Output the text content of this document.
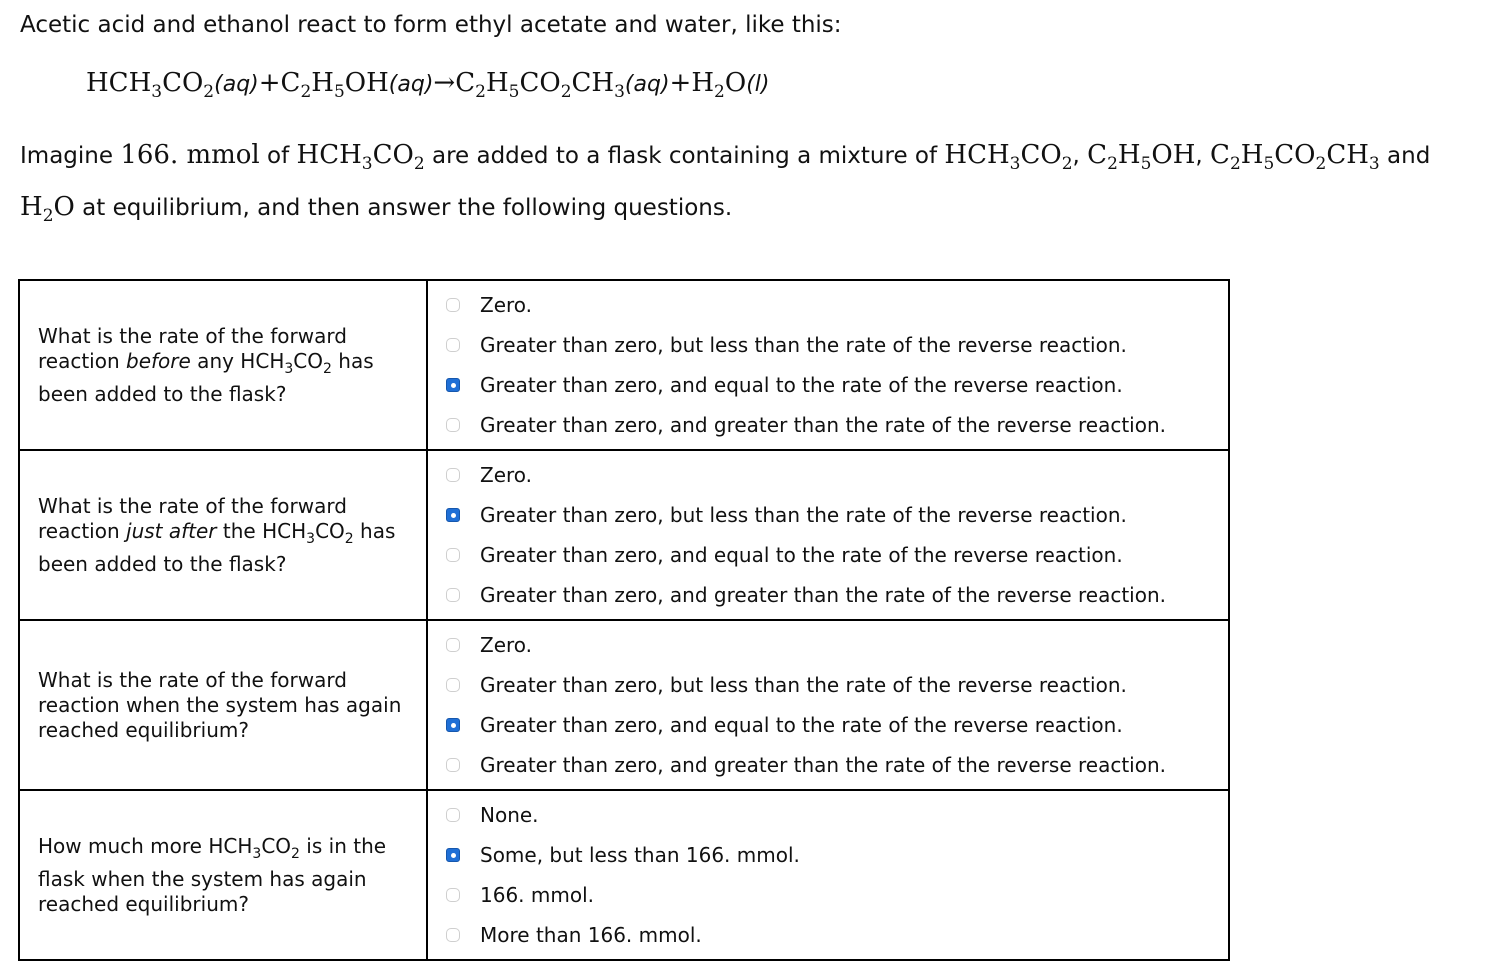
Acetic acid and ethanol react to form ethyl acetate and water, like this:
$HCH_3CO_2(aq)+C_2H_5OH(aq)\to C_2H_5CO_2CH_3(aq)+H_2O(l)$
Imagine 166. mmol of $HCH_3CO_2$ are added to a flask containing a mixture of $HCH_3CO_2$, $C_2H_5OH$, $C_2H_5CO_2CH_3$ and
$H_2O$ at equilibrium, and then answer the following questions.
What is the rate of the forward reaction before any $HCH_3CO_2$ has been added to the flask?	Zero.
Greater than zero, but less than the rate of the reverse reaction.
Greater than zero, and equal to the rate of the reverse reaction.
Greater than zero, and greater than the rate of the reverse reaction.

What is the rate of the forward reaction just after the $HCH_3CO_2$ has been added to the flask?	Zero.
Greater than zero, but less than the rate of the reverse reaction.
Greater than zero, and equal to the rate of the reverse reaction.
Greater than zero, and greater than the rate of the reverse reaction.

What is the rate of the forward reaction when the system has again reached equilibrium?	Zero.
Greater than zero, but less than the rate of the reverse reaction.
Greater than zero, and equal to the rate of the reverse reaction.
Greater than zero, and greater than the rate of the reverse reaction.

How much more $HCH_3CO_2$ is in the flask when the system has again reached equilibrium?	None.
Some, but less than 166. mmol.
166. mmol.
More than 166. mmol.
